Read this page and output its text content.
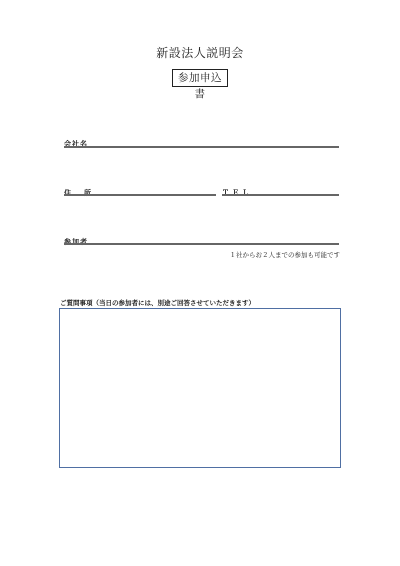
新設法人説明会
参加申込書
会社名
住　所	ＴＥＬ
参加者
１社からお２人までの参加も可能です
ご質問事項（当日の参加者には、別途ご回答させていただきます）
